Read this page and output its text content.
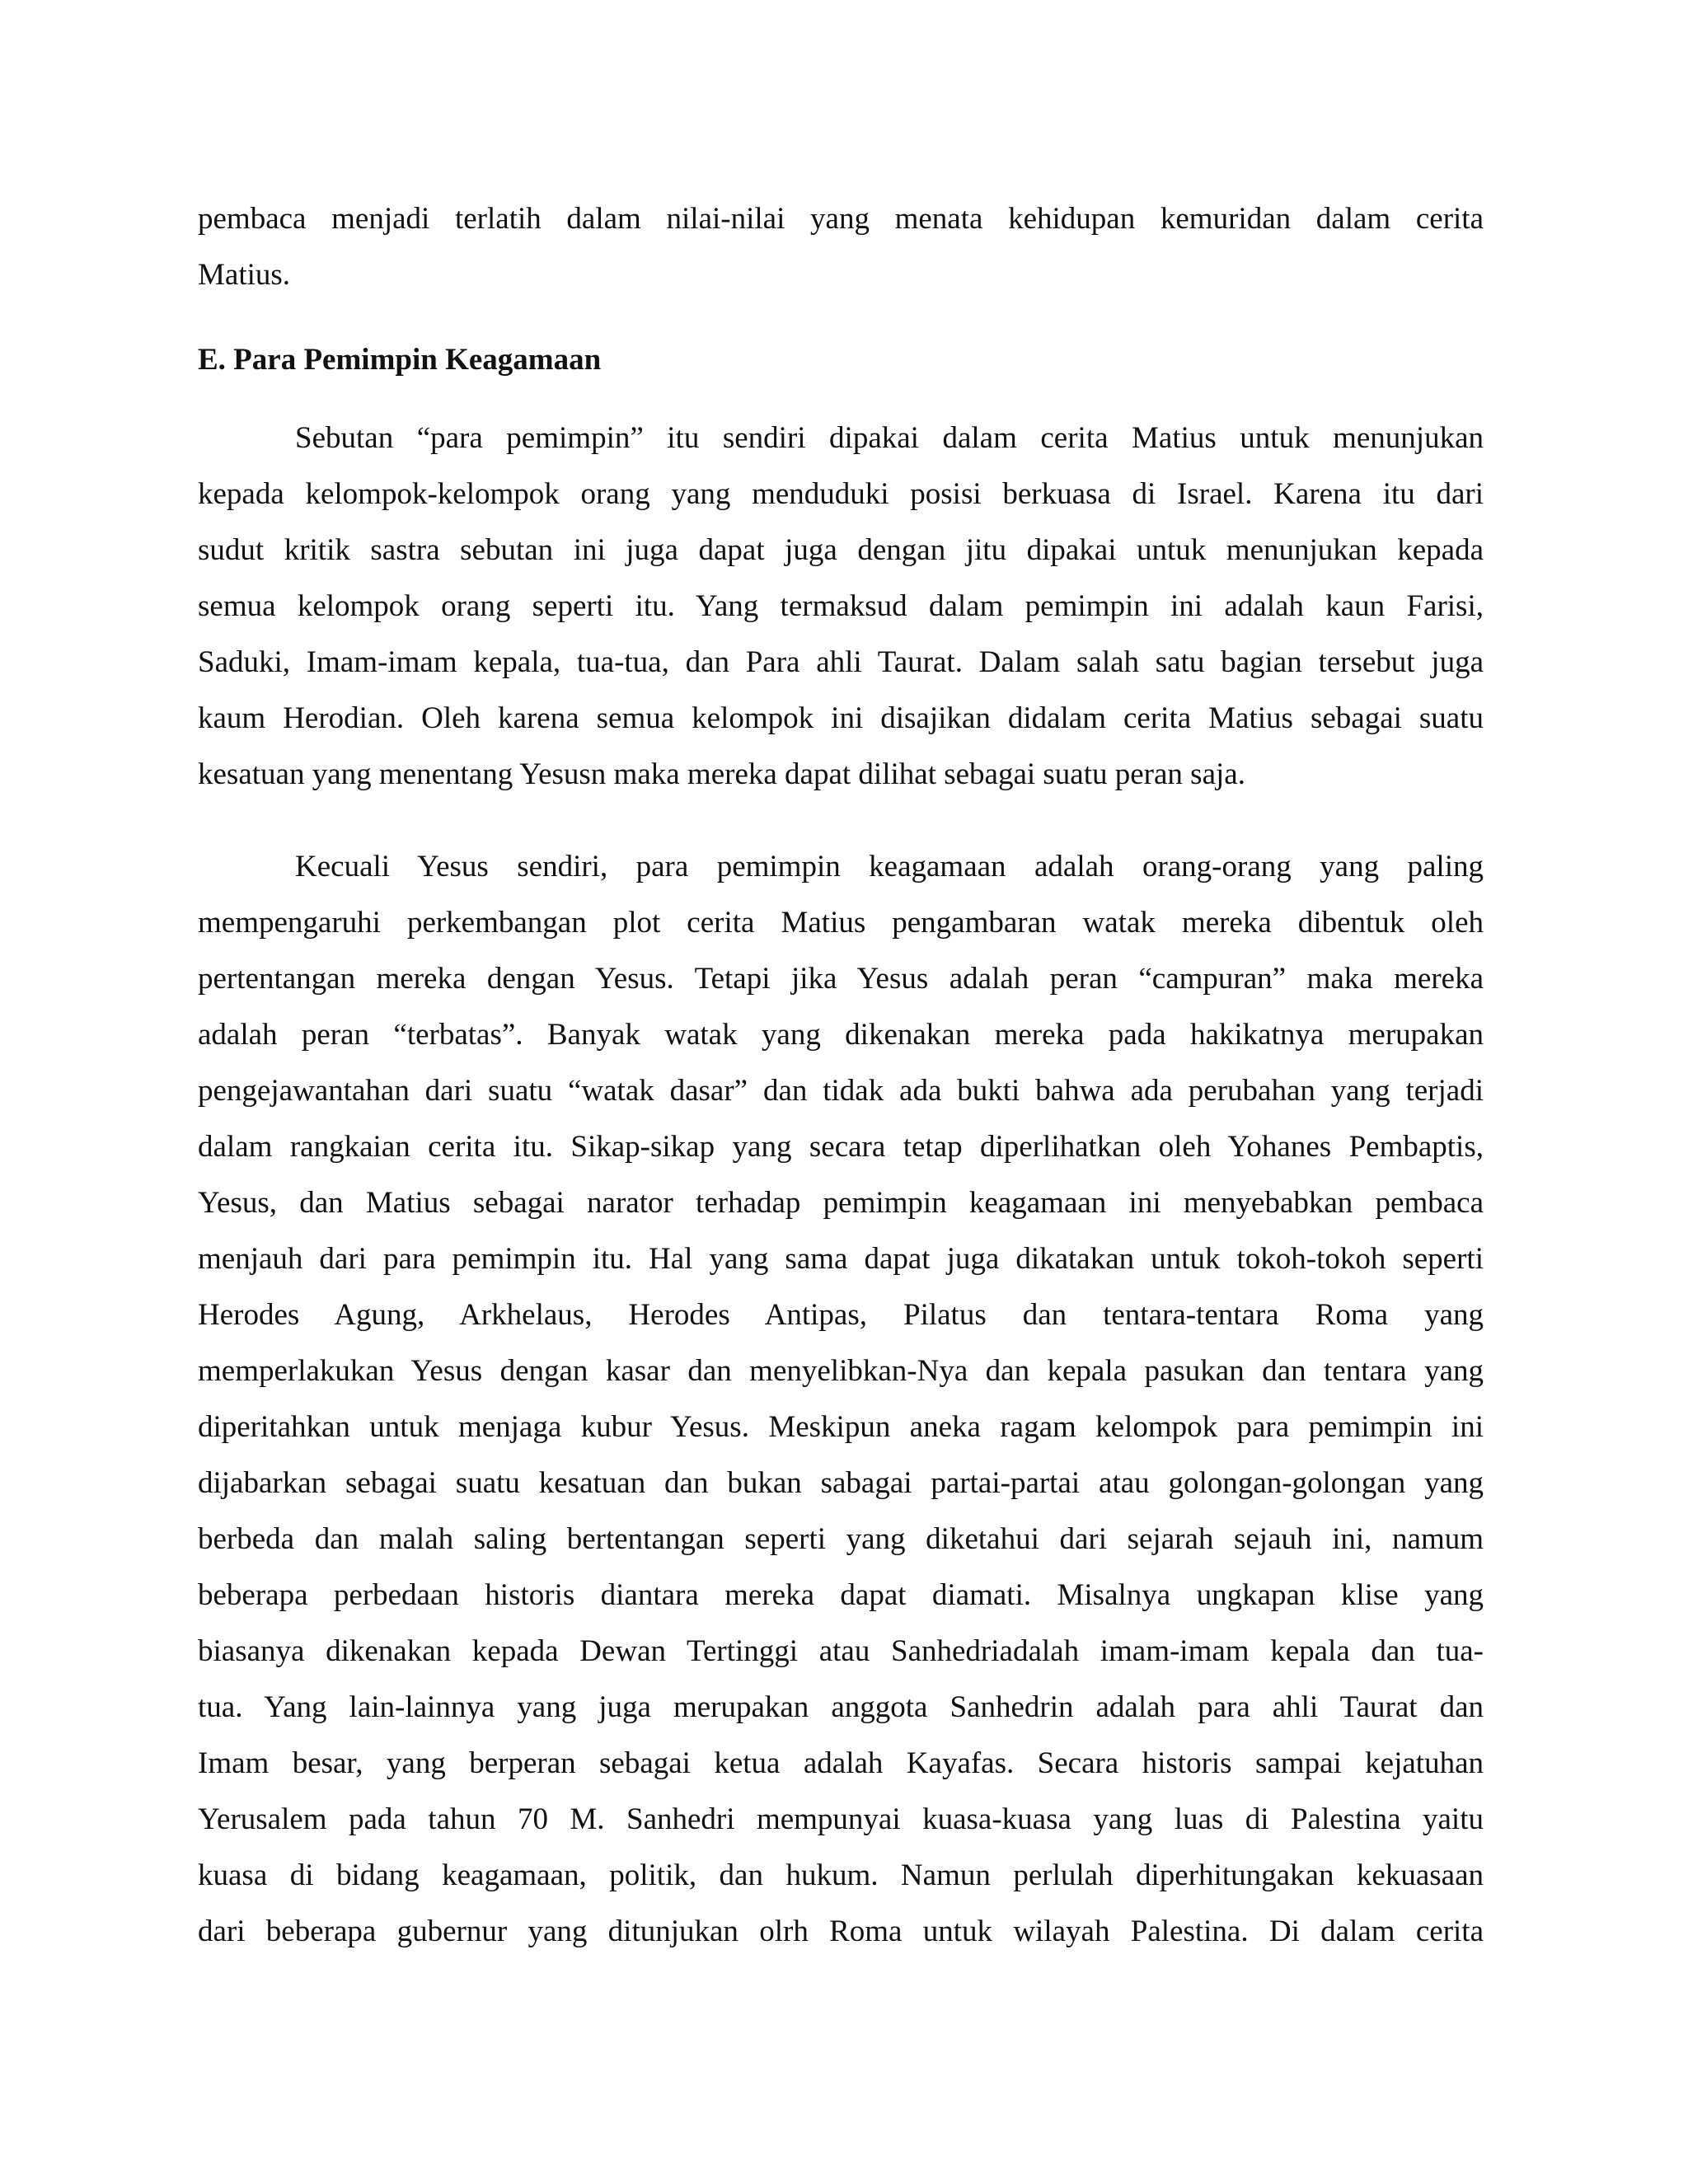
pembaca menjadi terlatih dalam nilai-nilai yang menata kehidupan kemuridan dalam cerita
Matius.
E. Para Pemimpin Keagamaan
Sebutan “para pemimpin” itu sendiri dipakai dalam cerita Matius untuk menunjukan
kepada kelompok-kelompok orang yang menduduki posisi berkuasa di Israel. Karena itu dari
sudut kritik sastra sebutan ini juga dapat juga dengan jitu dipakai untuk menunjukan kepada
semua kelompok orang seperti itu. Yang termaksud dalam pemimpin ini adalah kaun Farisi,
Saduki, Imam-imam kepala, tua-tua, dan Para ahli Taurat. Dalam salah satu bagian tersebut juga
kaum Herodian. Oleh karena semua kelompok ini disajikan didalam cerita Matius sebagai suatu
kesatuan yang menentang Yesusn maka mereka dapat dilihat sebagai suatu peran saja.
Kecuali Yesus sendiri, para pemimpin keagamaan adalah orang-orang yang paling
mempengaruhi perkembangan plot cerita Matius pengambaran watak mereka dibentuk oleh
pertentangan mereka dengan Yesus. Tetapi jika Yesus adalah peran “campuran” maka mereka
adalah peran “terbatas”. Banyak watak yang dikenakan mereka pada hakikatnya merupakan
pengejawantahan dari suatu “watak dasar” dan tidak ada bukti bahwa ada perubahan yang terjadi
dalam rangkaian cerita itu. Sikap-sikap yang secara tetap diperlihatkan oleh Yohanes Pembaptis,
Yesus, dan Matius sebagai narator terhadap pemimpin keagamaan ini menyebabkan pembaca
menjauh dari para pemimpin itu. Hal yang sama dapat juga dikatakan untuk tokoh-tokoh seperti
Herodes Agung, Arkhelaus, Herodes Antipas, Pilatus dan tentara-tentara Roma yang
memperlakukan Yesus dengan kasar dan menyelibkan-Nya dan kepala pasukan dan tentara yang
diperitahkan untuk menjaga kubur Yesus. Meskipun aneka ragam kelompok para pemimpin ini
dijabarkan sebagai suatu kesatuan dan bukan sabagai partai-partai atau golongan-golongan yang
berbeda dan malah saling bertentangan seperti yang diketahui dari sejarah sejauh ini, namum
beberapa perbedaan historis diantara mereka dapat diamati. Misalnya ungkapan klise yang
biasanya dikenakan kepada Dewan Tertinggi atau Sanhedriadalah imam-imam kepala dan tua-
tua. Yang lain-lainnya yang juga merupakan anggota Sanhedrin adalah para ahli Taurat dan
Imam besar, yang berperan sebagai ketua adalah Kayafas. Secara historis sampai kejatuhan
Yerusalem pada tahun 70 M. Sanhedri mempunyai kuasa-kuasa yang luas di Palestina yaitu
kuasa di bidang keagamaan, politik, dan hukum. Namun perlulah diperhitungakan kekuasaan
dari beberapa gubernur yang ditunjukan olrh Roma untuk wilayah Palestina. Di dalam cerita
